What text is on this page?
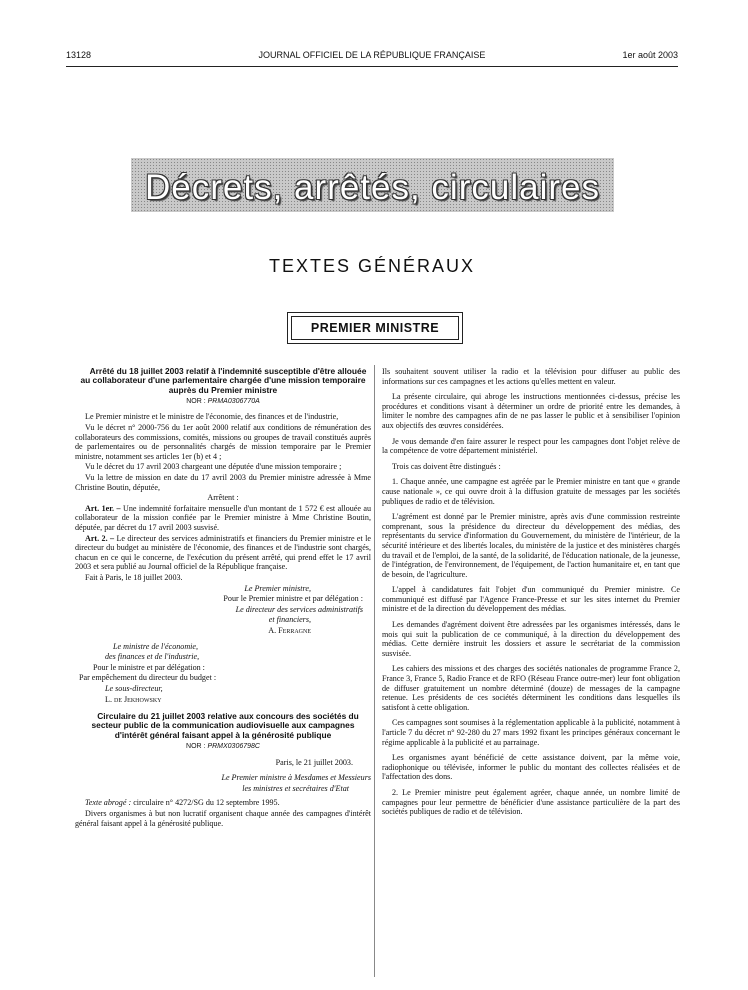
13128	JOURNAL OFFICIEL DE LA RÉPUBLIQUE FRANÇAISE	1er août 2003
Décrets, arrêtés, circulaires
TEXTES GÉNÉRAUX
PREMIER MINISTRE

Arrêté du 18 juillet 2003 relatif à l'indemnité susceptible d'être allouée au collaborateur d'une parlementaire chargée d'une mission temporaire auprès du Premier ministre

NOR : PRMA0306770A

Le Premier ministre et le ministre de l'économie, des finances et de l'industrie,

Vu le décret n° 2000-756 du 1er août 2000 relatif aux conditions de rémunération des collaborateurs des commissions, comités, missions ou groupes de travail constitués auprès de parlementaires ou de personnalités chargés de mission temporaire par le Premier ministre, notamment ses articles 1er (b) et 4 ;

Vu le décret du 17 avril 2003 chargeant une députée d'une mission temporaire ;

Vu la lettre de mission en date du 17 avril 2003 du Premier ministre adressée à Mme Christine Boutin, députée,

Arrêtent :

Art. 1er. – Une indemnité forfaitaire mensuelle d'un montant de 1 572 € est allouée au collaborateur de la mission confiée par le Premier ministre à Mme Christine Boutin, députée, par décret du 17 avril 2003 susvisé.

Art. 2. – Le directeur des services administratifs et financiers du Premier ministre et le directeur du budget au ministère de l'économie, des finances et de l'industrie sont chargés, chacun en ce qui le concerne, de l'exécution du présent arrêté, qui prend effet le 17 avril 2003 et sera publié au Journal officiel de la République française.

Fait à Paris, le 18 juillet 2003.

Le Premier ministre,

Pour le Premier ministre et par délégation :

Le directeur des services administratifs

et financiers,

A. Ferragne

Le ministre de l'économie,

des finances et de l'industrie,

Pour le ministre et par délégation :

Par empêchement du directeur du budget :

Le sous-directeur,

L. de Jekhowsky

Circulaire du 21 juillet 2003 relative aux concours des sociétés du secteur public de la communication audiovisuelle aux campagnes d'intérêt général faisant appel à la générosité publique

NOR : PRMX0306798C

Paris, le 21 juillet 2003.

Le Premier ministre à Mesdames et Messieurs

les ministres et secrétaires d'Etat

Texte abrogé : circulaire n° 4272/SG du 12 septembre 1995.

Divers organismes à but non lucratif organisent chaque année des campagnes d'intérêt général faisant appel à la générosité publique.

Ils souhaitent souvent utiliser la radio et la télévision pour diffuser au public des informations sur ces campagnes et les actions qu'elles mettent en valeur.

La présente circulaire, qui abroge les instructions mentionnées ci-dessus, précise les procédures et conditions visant à déterminer un ordre de priorité entre les demandes, à limiter le nombre des campagnes afin de ne pas lasser le public et à sensibiliser l'opinion aux objectifs des œuvres considérées.

Je vous demande d'en faire assurer le respect pour les campagnes dont l'objet relève de la compétence de votre département ministériel.

Trois cas doivent être distingués :

1. Chaque année, une campagne est agréée par le Premier ministre en tant que « grande cause nationale », ce qui ouvre droit à la diffusion gratuite de messages par les sociétés publiques de radio et de télévision.

L'agrément est donné par le Premier ministre, après avis d'une commission restreinte comprenant, sous la présidence du directeur du développement des médias, des représentants du service d'information du Gouvernement, du ministère de l'intérieur, de la sécurité intérieure et des libertés locales, du ministère de la justice et des ministères chargés du travail et de l'emploi, de la santé, de la solidarité, de l'éducation nationale, de la jeunesse, de l'intégration, de l'environnement, de l'équipement, de l'action humanitaire et, en tant que de besoin, de l'agriculture.

L'appel à candidatures fait l'objet d'un communiqué du Premier ministre. Ce communiqué est diffusé par l'Agence France-Presse et sur les sites internet du Premier ministre et de la direction du développement des médias.

Les demandes d'agrément doivent être adressées par les organismes intéressés, dans le mois qui suit la publication de ce communiqué, à la direction du développement des médias. Cette dernière instruit les dossiers et assure le secrétariat de la commission susvisée.

Les cahiers des missions et des charges des sociétés nationales de programme France 2, France 3, France 5, Radio France et de RFO (Réseau France outre-mer) leur font obligation de diffuser gratuitement un nombre déterminé (douze) de messages de la campagne retenue. Les présidents de ces sociétés déterminent les conditions dans lesquelles ils satisfont à cette obligation.

Ces campagnes sont soumises à la réglementation applicable à la publicité, notamment à l'article 7 du décret n° 92-280 du 27 mars 1992 fixant les principes généraux concernant le régime applicable à la publicité et au parrainage.

Les organismes ayant bénéficié de cette assistance doivent, par la même voie, radiophonique ou télévisée, informer le public du montant des collectes réalisées et de l'affectation des dons.

2. Le Premier ministre peut également agréer, chaque année, un nombre limité de campagnes pour leur permettre de bénéficier d'une assistance particulière de la part des sociétés publiques de radio et de télévision.
